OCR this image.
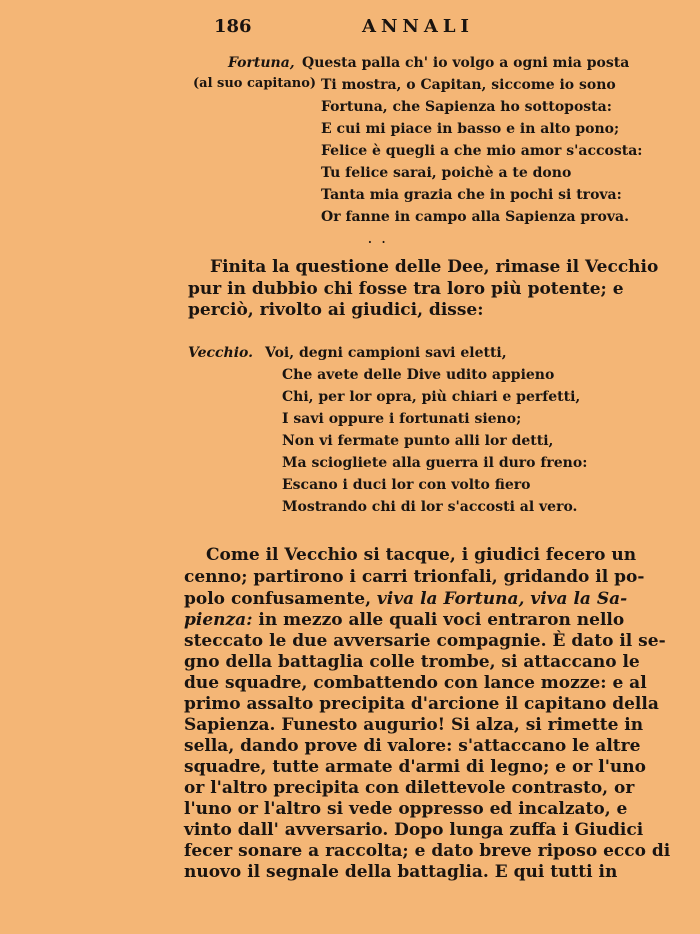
186	ANNALI
Fortuna,
(al suo capitano)
Questa palla ch' io volgo a ogni mia posta
Ti mostra, o Capitan, siccome io sono
Fortuna, che Sapienza ho sottoposta:
E cui mi piace in basso e in alto pono;
Felice è quegli a che mio amor s'accosta:
Tu felice sarai, poichè a te dono
Tanta mia grazia che in pochi si trova:
Or fanne in campo alla Sapienza prova.
· ·
Finita la questione delle Dee, rimase il Vecchio
pur in dubbio chi fosse tra loro più potente; e
perciò, rivolto ai giudici, disse:
Vecchio. Voi, degni campioni savi eletti,
Che avete delle Dive udito appieno
Chi, per lor opra, più chiari e perfetti,
I savi oppure i fortunati sieno;
Non vi fermate punto alli lor detti,
Ma sciogliete alla guerra il duro freno:
Escano i duci lor con volto fiero
Mostrando chi di lor s'accosti al vero.
Come il Vecchio si tacque, i giudici fecero un
cenno; partirono i carri trionfali, gridando il po-
polo confusamente, viva la Fortuna, viva la Sa-
pienza: in mezzo alle quali voci entraron nello
steccato le due avversarie compagnie. È dato il se-
gno della battaglia colle trombe, si attaccano le
due squadre, combattendo con lance mozze: e al
primo assalto precipita d'arcione il capitano della
Sapienza. Funesto augurio! Si alza, si rimette in
sella, dando prove di valore: s'attaccano le altre
squadre, tutte armate d'armi di legno; e or l'uno
or l'altro precipita con dilettevole contrasto, or
l'uno or l'altro si vede oppresso ed incalzato, e
vinto dall' avversario. Dopo lunga zuffa i Giudici
fecer sonare a raccolta; e dato breve riposo ecco di
nuovo il segnale della battaglia. E qui tutti in
